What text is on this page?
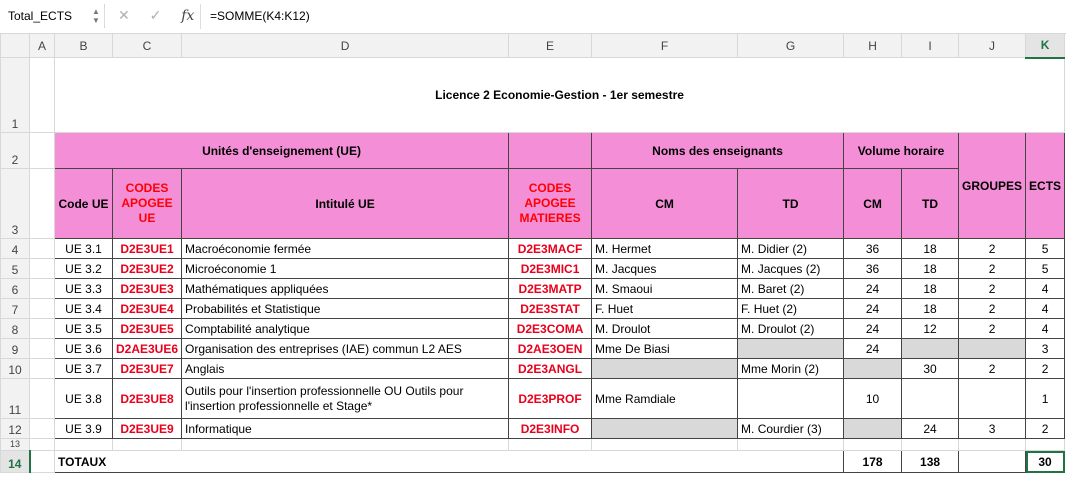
Total_ECTS ▲
▼ ✕ ✓ fx	=SOMME(K4:K12)
	A	B	C	D	E	F	G	H	I	J	K
1		Licence 2 Economie-Gestion - 1er semestre									
2		Unités d'enseignement (UE)				Noms des enseignants		Volume horaire		GROUPES	ECTS
3		Code UE	CODES APOGEE UE	Intitulé UE	CODES APOGEE MATIERES	CM	TD	CM	TD		
4		UE 3.1	D2E3UE1	Macroéconomie fermée	D2E3MACF	M. Hermet	M. Didier (2)	36	18	2	5
5		UE 3.2	D2E3UE2	Microéconomie 1	D2E3MIC1	M. Jacques	M. Jacques (2)	36	18	2	5
6		UE 3.3	D2E3UE3	Mathématiques appliquées	D2E3MATP	M. Smaoui	M. Baret (2)	24	18	2	4
7		UE 3.4	D2E3UE4	Probabilités et Statistique	D2E3STAT	F. Huet	F. Huet (2)	24	18	2	4
8		UE 3.5	D2E3UE5	Comptabilité analytique	D2E3COMA	M. Droulot	M. Droulot (2)	24	12	2	4
9		UE 3.6	D2AE3UE6	Organisation des entreprises (IAE) commun L2 AES	D2AE3OEN	Mme De Biasi		24			3
10		UE 3.7	D2E3UE7	Anglais	D2E3ANGL		Mme Morin (2)		30	2	2
11		UE 3.8	D2E3UE8	Outils pour l'insertion professionnelle OU Outils pour l'insertion professionnelle et Stage*	D2E3PROF	Mme Ramdiale		10			1
12		UE 3.9	D2E3UE9	Informatique	D2E3INFO		M. Courdier (3)		24	3	2
13											
14		TOTAUX						178	138		30
